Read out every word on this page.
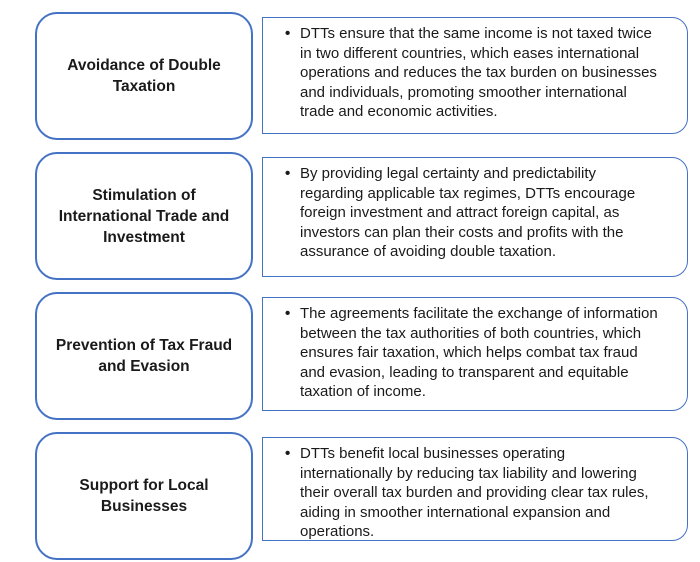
Avoidance of Double Taxation
• DTTs ensure that the same income is not taxed twice in two different countries, which eases international operations and reduces the tax burden on businesses and individuals, promoting smoother international trade and economic activities.
Stimulation of International Trade and Investment
• By providing legal certainty and predictability regarding applicable tax regimes, DTTs encourage foreign investment and attract foreign capital, as investors can plan their costs and profits with the assurance of avoiding double taxation.
Prevention of Tax Fraud and Evasion
• The agreements facilitate the exchange of information between the tax authorities of both countries, which ensures fair taxation, which helps combat tax fraud and evasion, leading to transparent and equitable taxation of income.
Support for Local Businesses
• DTTs benefit local businesses operating internationally by reducing tax liability and lowering their overall tax burden and providing clear tax rules, aiding in smoother international expansion and operations.
